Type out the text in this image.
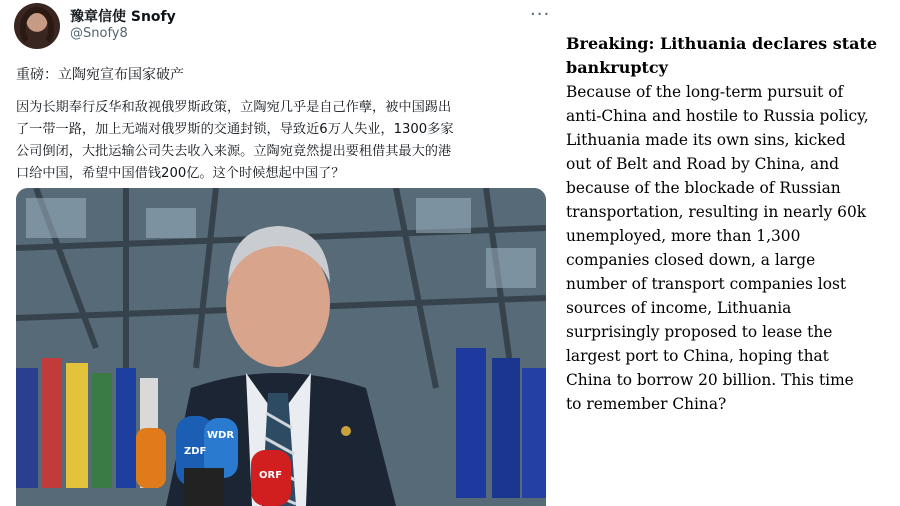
豫章信使 Snofy
@Snofy8
···
重磅：立陶宛宣布国家破产
因为长期奉行反华和敌视俄罗斯政策，立陶宛几乎是自己作孽，被中国踢出
了一带一路，加上无端对俄罗斯的交通封锁，导致近6万人失业，1300多家
公司倒闭，大批运输公司失去收入来源。立陶宛竟然提出要租借其最大的港
口给中国，希望中国借钱200亿。这个时候想起中国了？
ZDF
WDR
ORF

Breaking: Lithuania declares state bankruptcy

Because of the long-term pursuit of
anti-China and hostile to Russia policy,
Lithuania made its own sins, kicked
out of Belt and Road by China, and
because of the blockade of Russian
transportation, resulting in nearly 60k
unemployed, more than 1,300
companies closed down, a large
number of transport companies lost
sources of income, Lithuania
surprisingly proposed to lease the
largest port to China, hoping that
China to borrow 20 billion. This time
to remember China?
